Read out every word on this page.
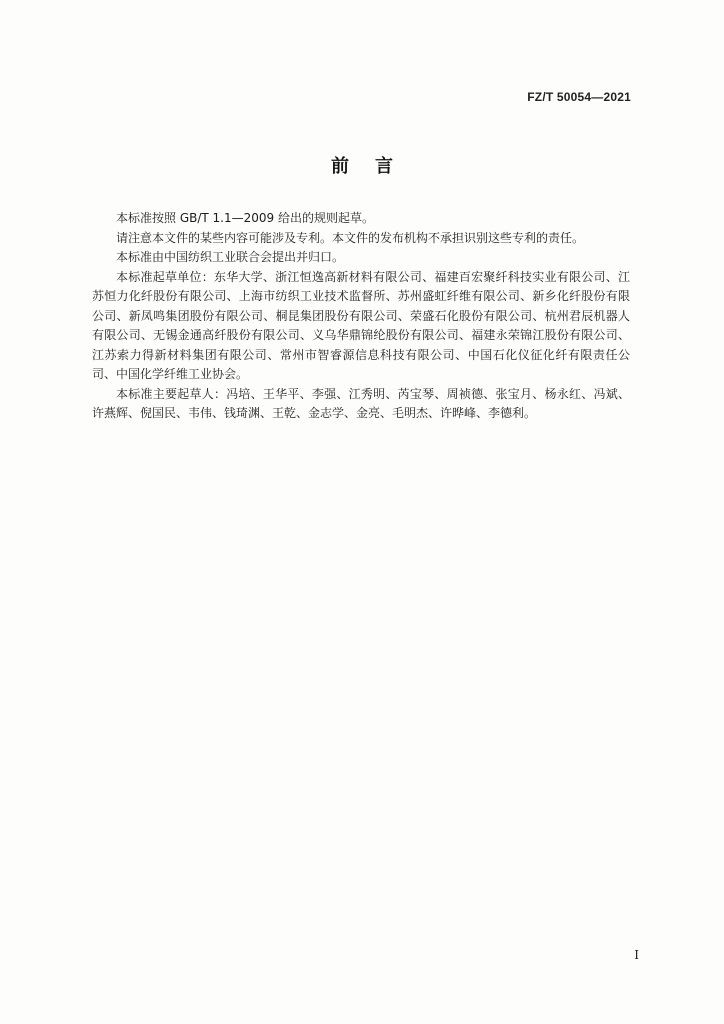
FZ/T 50054—2021
前言

本标准按照 GB/T 1.1—2009 给出的规则起草。

请注意本文件的某些内容可能涉及专利。本文件的发布机构不承担识别这些专利的责任。

本标准由中国纺织工业联合会提出并归口。

本标准起草单位：东华大学、浙江恒逸高新材料有限公司、福建百宏聚纤科技实业有限公司、江苏恒力化纤股份有限公司、上海市纺织工业技术监督所、苏州盛虹纤维有限公司、新乡化纤股份有限公司、新凤鸣集团股份有限公司、桐昆集团股份有限公司、荣盛石化股份有限公司、杭州君辰机器人有限公司、无锡金通高纤股份有限公司、义乌华鼎锦纶股份有限公司、福建永荣锦江股份有限公司、江苏索力得新材料集团有限公司、常州市智睿源信息科技有限公司、中国石化仪征化纤有限责任公司、中国化学纤维工业协会。

本标准主要起草人：冯培、王华平、李强、江秀明、芮宝琴、周祯德、张宝月、杨永红、冯斌、许燕辉、倪国民、韦伟、钱琦渊、王乾、金志学、金亮、毛明杰、许晔峰、李德利。

I
